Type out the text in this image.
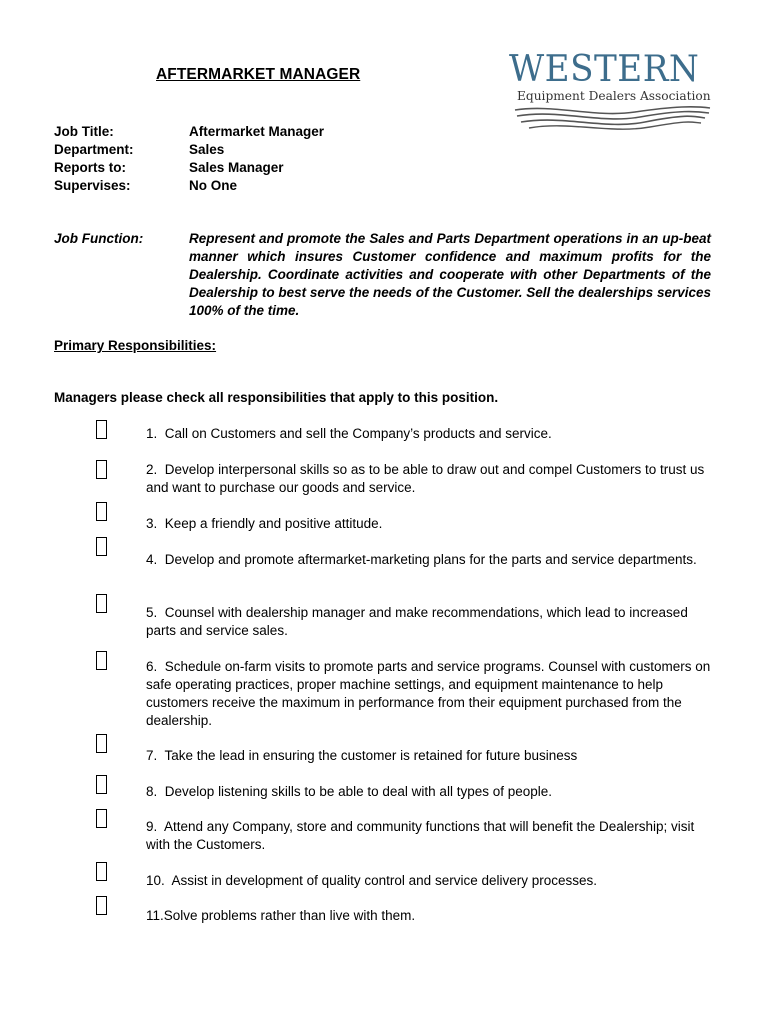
AFTERMARKET MANAGER	WESTERN
Equipment Dealers Association
Job Title:	Aftermarket Manager
Department:	Sales
Reports to:	Sales Manager
Supervises:	No One
Job Function:	Represent and promote the Sales and Parts Department operations in an up-beat manner which insures Customer confidence and maximum profits for the Dealership. Coordinate activities and cooperate with other Departments of the Dealership to best serve the needs of the Customer. Sell the dealerships services 100% of the time.
Primary Responsibilities:
Managers please check all responsibilities that apply to this position.
1. Call on Customers and sell the Company’s products and service.
2. Develop interpersonal skills so as to be able to draw out and compel Customers to trust us and want to purchase our goods and service.
3. Keep a friendly and positive attitude.
4. Develop and promote aftermarket-marketing plans for the parts and service departments.
5. Counsel with dealership manager and make recommendations, which lead to increased parts and service sales.
6. Schedule on-farm visits to promote parts and service programs. Counsel with customers on safe operating practices, proper machine settings, and equipment maintenance to help customers receive the maximum in performance from their equipment purchased from the dealership.
7. Take the lead in ensuring the customer is retained for future business
8. Develop listening skills to be able to deal with all types of people.
9. Attend any Company, store and community functions that will benefit the Dealership; visit with the Customers.
10. Assist in development of quality control and service delivery processes.
11.Solve problems rather than live with them.
